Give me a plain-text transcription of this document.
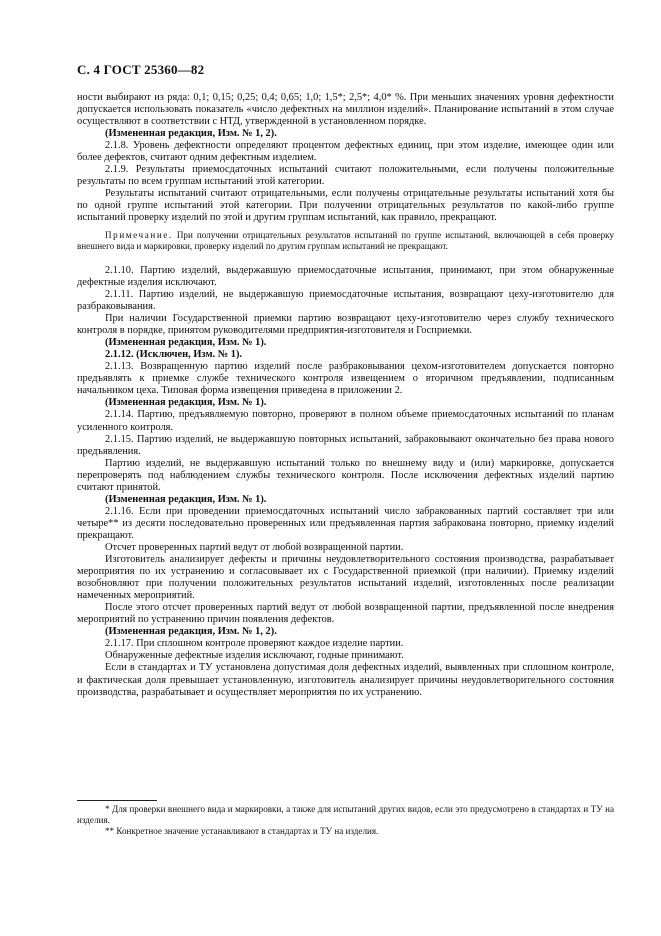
С. 4 ГОСТ 25360—82

ности выбирают из ряда: 0,1; 0,15; 0,25; 0,4; 0,65; 1,0; 1,5*; 2,5*; 4,0* %. При меньших значениях уровня дефектности допускается использовать показатель «число дефектных на миллион изделий». Планирование испытаний в этом случае осуществляют в соответствии с НТД, утвержденной в установленном порядке.

(Измененная редакция, Изм. № 1, 2).

2.1.8. Уровень дефектности определяют процентом дефектных единиц, при этом изделие, имеющее один или более дефектов, считают одним дефектным изделием.

2.1.9. Результаты приемосдаточных испытаний считают положительными, если получены положительные результаты по всем группам испытаний этой категории.

Результаты испытаний считают отрицательными, если получены отрицательные результаты испытаний хотя бы по одной группе испытаний этой категории. При получении отрицательных результатов по какой-либо группе испытаний проверку изделий по этой и другим группам испытаний, как правило, прекращают.

Примечание. При получении отрицательных результатов испытаний по группе испытаний, включающей в себя проверку внешнего вида и маркировки, проверку изделий по другим группам испытаний не прекращают.

2.1.10. Партию изделий, выдержавшую приемосдаточные испытания, принимают, при этом обнаруженные дефектные изделия исключают.

2.1.11. Партию изделий, не выдержавшую приемосдаточные испытания, возвращают цеху-изготовителю для разбраковывания.

При наличии Государственной приемки партию возвращают цеху-изготовителю через службу технического контроля в порядке, принятом руководителями предприятия-изготовителя и Госприемки.

(Измененная редакция, Изм. № 1).

2.1.12. (Исключен, Изм. № 1).

2.1.13. Возвращенную партию изделий после разбраковывания цехом-изготовителем допускается повторно предъявлять к приемке службе технического контроля извещением о вторичном предъявлении, подписанным начальником цеха. Типовая форма извещения приведена в приложении 2.

(Измененная редакция, Изм. № 1).

2.1.14. Партию, предъявляемую повторно, проверяют в полном объеме приемосдаточных испытаний по планам усиленного контроля.

2.1.15. Партию изделий, не выдержавшую повторных испытаний, забраковывают окончательно без права нового предъявления.

Партию изделий, не выдержавшую испытаний только по внешнему виду и (или) маркировке, допускается перепроверять под наблюдением службы технического контроля. После исключения дефектных изделий партию считают принятой.

(Измененная редакция, Изм. № 1).

2.1.16. Если при проведении приемосдаточных испытаний число забракованных партий составляет три или четыре** из десяти последовательно проверенных или предъявленная партия забракована повторно, приемку изделий прекращают.

Отсчет проверенных партий ведут от любой возвращенной партии.

Изготовитель анализирует дефекты и причины неудовлетворительного состояния производства, разрабатывает мероприятия по их устранению и согласовывает их с Государственной приемкой (при наличии). Приемку изделий возобновляют при получении положительных результатов испытаний изделий, изготовленных после реализации намеченных мероприятий.

После этого отсчет проверенных партий ведут от любой возвращенной партии, предъявленной после внедрения мероприятий по устранению причин появления дефектов.

(Измененная редакция, Изм. № 1, 2).

2.1.17. При сплошном контроле проверяют каждое изделие партии.

Обнаруженные дефектные изделия исключают, годные принимают.

Если в стандартах и ТУ установлена допустимая доля дефектных изделий, выявленных при сплошном контроле, и фактическая доля превышает установленную, изготовитель анализирует причины неудовлетворительного состояния производства, разрабатывает и осуществляет мероприятия по их устранению.

* Для проверки внешнего вида и маркировки, а также для испытаний других видов, если это предусмотрено в стандартах и ТУ на изделия.

** Конкретное значение устанавливают в стандартах и ТУ на изделия.
